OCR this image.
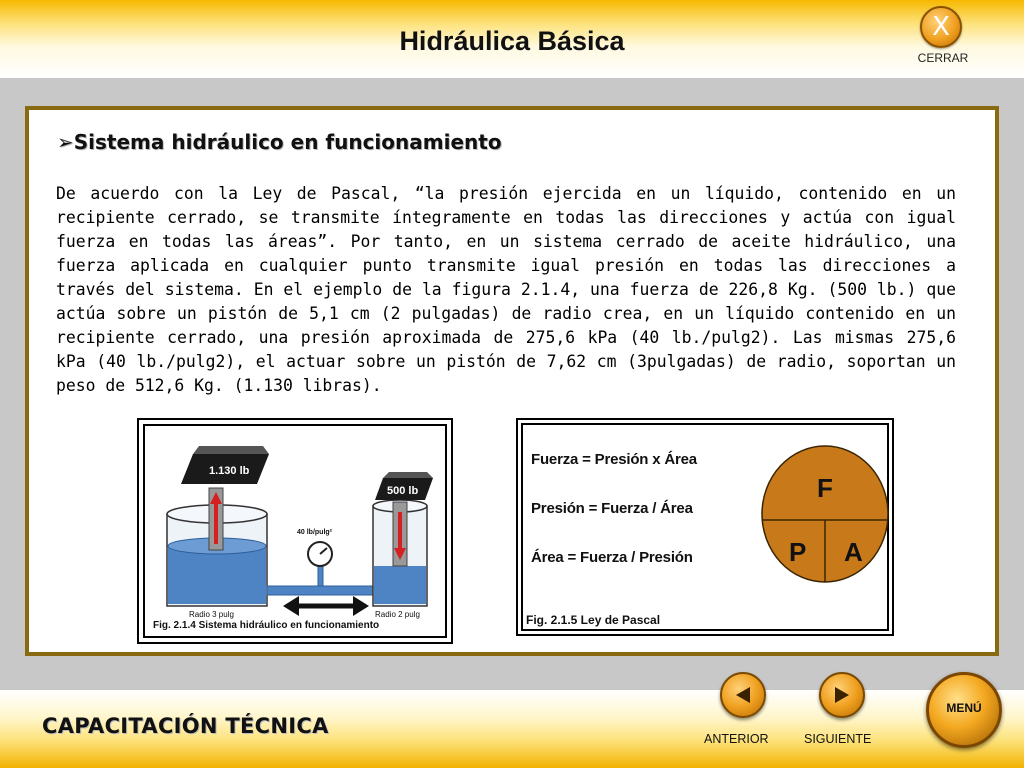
Hidráulica Básica	X
CERRAR
➢Sistema hidráulico en funcionamiento
De acuerdo con la Ley de Pascal, “la presión ejercida en un líquido, contenido en un recipiente cerrado, se transmite íntegramente en todas las direcciones y actúa con igual fuerza en todas las áreas”. Por tanto, en un sistema cerrado de aceite hidráulico, una fuerza aplicada en cualquier punto transmite igual presión en todas las direcciones a través del sistema. En el ejemplo de la figura 2.1.4, una fuerza de 226,8 Kg. (500 lb.) que actúa sobre un pistón de 5,1 cm (2 pulgadas) de radio crea, en un líquido contenido en un recipiente cerrado, una presión aproximada de 275,6 kPa (40 lb./pulg2). Las mismas 275,6 kPa (40 lb./pulg2), el actuar sobre un pistón de 7,62 cm (3pulgadas) de radio, soportan un peso de 512,6 Kg. (1.130 libras).
1.130 lb
40 lb/pulg²
500 lb
Radio 3 pulg	Radio 2 pulg
Fig. 2.1.4 Sistema hidráulico en funcionamiento
Fuerza = Presión x Área
Presión = Fuerza / Área
Área = Fuerza / Presión
F
P A
Fig. 2.1.5 Ley de Pascal
CAPACITACIÓN TÉCNICA
ANTERIOR	SIGUIENTE
MENÚ
